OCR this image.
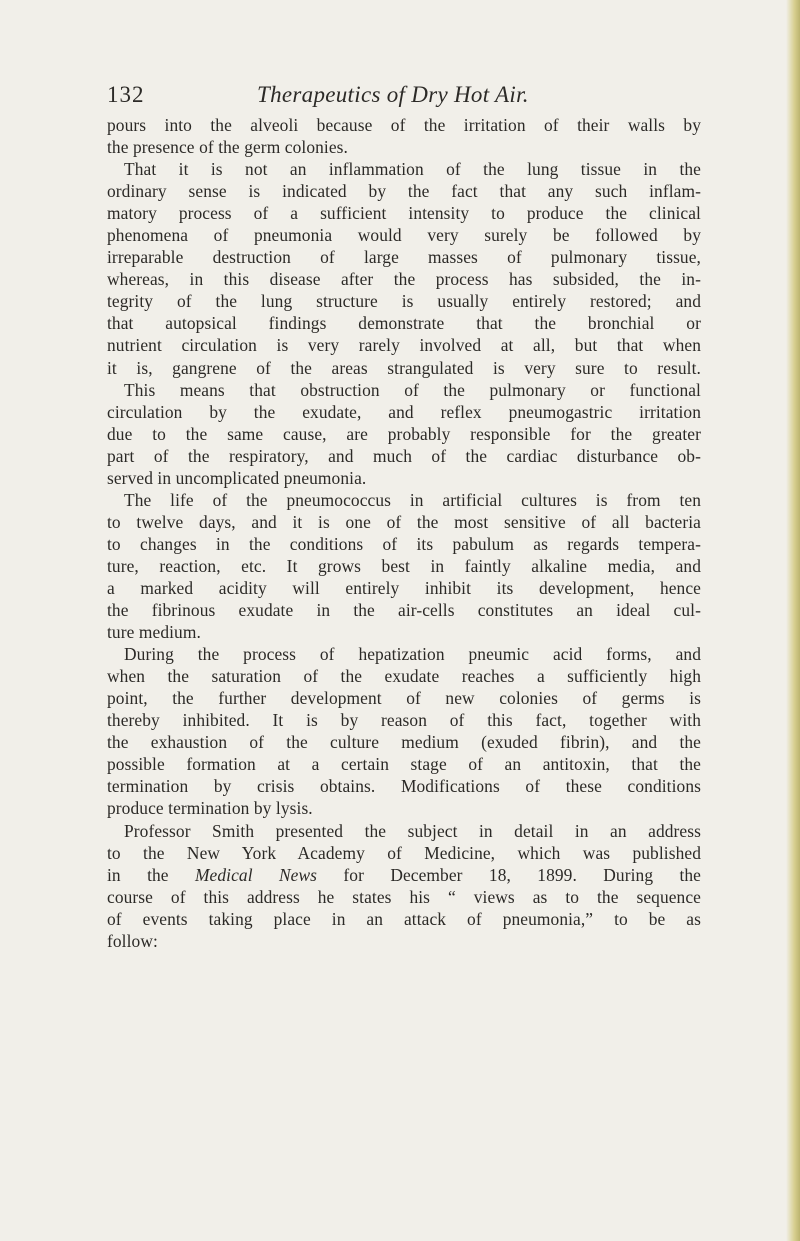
132	Therapeutics of Dry Hot Air.
pours into the alveoli because of the irritation of their walls by
the presence of the germ colonies.
That it is not an inflammation of the lung tissue in the
ordinary sense is indicated by the fact that any such inflam-
matory process of a sufficient intensity to produce the clinical
phenomena of pneumonia would very surely be followed by
irreparable destruction of large masses of pulmonary tissue,
whereas, in this disease after the process has subsided, the in-
tegrity of the lung structure is usually entirely restored; and
that autopsical findings demonstrate that the bronchial or
nutrient circulation is very rarely involved at all, but that when
it is, gangrene of the areas strangulated is very sure to result.
This means that obstruction of the pulmonary or functional
circulation by the exudate, and reflex pneumogastric irritation
due to the same cause, are probably responsible for the greater
part of the respiratory, and much of the cardiac disturbance ob-
served in uncomplicated pneumonia.
The life of the pneumococcus in artificial cultures is from ten
to twelve days, and it is one of the most sensitive of all bacteria
to changes in the conditions of its pabulum as regards tempera-
ture, reaction, etc. It grows best in faintly alkaline media, and
a marked acidity will entirely inhibit its development, hence
the fibrinous exudate in the air-cells constitutes an ideal cul-
ture medium.
During the process of hepatization pneumic acid forms, and
when the saturation of the exudate reaches a sufficiently high
point, the further development of new colonies of germs is
thereby inhibited. It is by reason of this fact, together with
the exhaustion of the culture medium (exuded fibrin), and the
possible formation at a certain stage of an antitoxin, that the
termination by crisis obtains. Modifications of these conditions
produce termination by lysis.
Professor Smith presented the subject in detail in an address
to the New York Academy of Medicine, which was published
in the Medical News for December 18, 1899. During the
course of this address he states his “ views as to the sequence
of events taking place in an attack of pneumonia,” to be as
follow:
